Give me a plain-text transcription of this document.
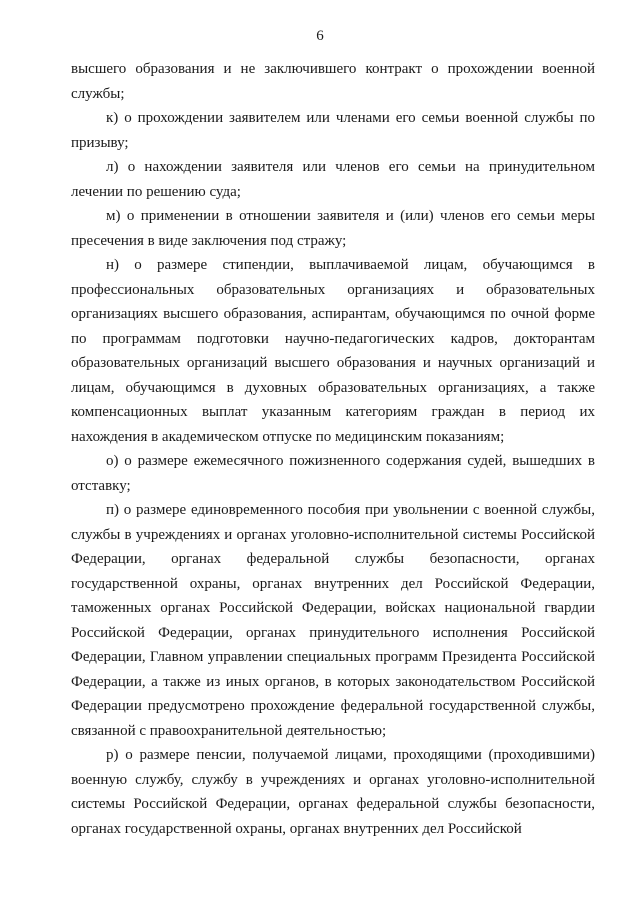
6

высшего образования и не заключившего контракт о прохождении военной службы;

к) о прохождении заявителем или членами его семьи военной службы по призыву;

л) о нахождении заявителя или членов его семьи на принудительном лечении по решению суда;

м) о применении в отношении заявителя и (или) членов его семьи меры пресечения в виде заключения под стражу;

н) о размере стипендии, выплачиваемой лицам, обучающимся в профессиональных образовательных организациях и образовательных организациях высшего образования, аспирантам, обучающимся по очной форме по программам подготовки научно-педагогических кадров, докторантам образовательных организаций высшего образования и научных организаций и лицам, обучающимся в духовных образовательных организациях, а также компенсационных выплат указанным категориям граждан в период их нахождения в академическом отпуске по медицинским показаниям;

о) о размере ежемесячного пожизненного содержания судей, вышедших в отставку;

п) о размере единовременного пособия при увольнении с военной службы, службы в учреждениях и органах уголовно-исполнительной системы Российской Федерации, органах федеральной службы безопасности, органах государственной охраны, органах внутренних дел Российской Федерации, таможенных органах Российской Федерации, войсках национальной гвардии Российской Федерации, органах принудительного исполнения Российской Федерации, Главном управлении специальных программ Президента Российской Федерации, а также из иных органов, в которых законодательством Российской Федерации предусмотрено прохождение федеральной государственной службы, связанной с правоохранительной деятельностью;

р) о размере пенсии, получаемой лицами, проходящими (проходившими) военную службу, службу в учреждениях и органах уголовно-исполнительной системы Российской Федерации, органах федеральной службы безопасности, органах государственной охраны, органах внутренних дел Российской
